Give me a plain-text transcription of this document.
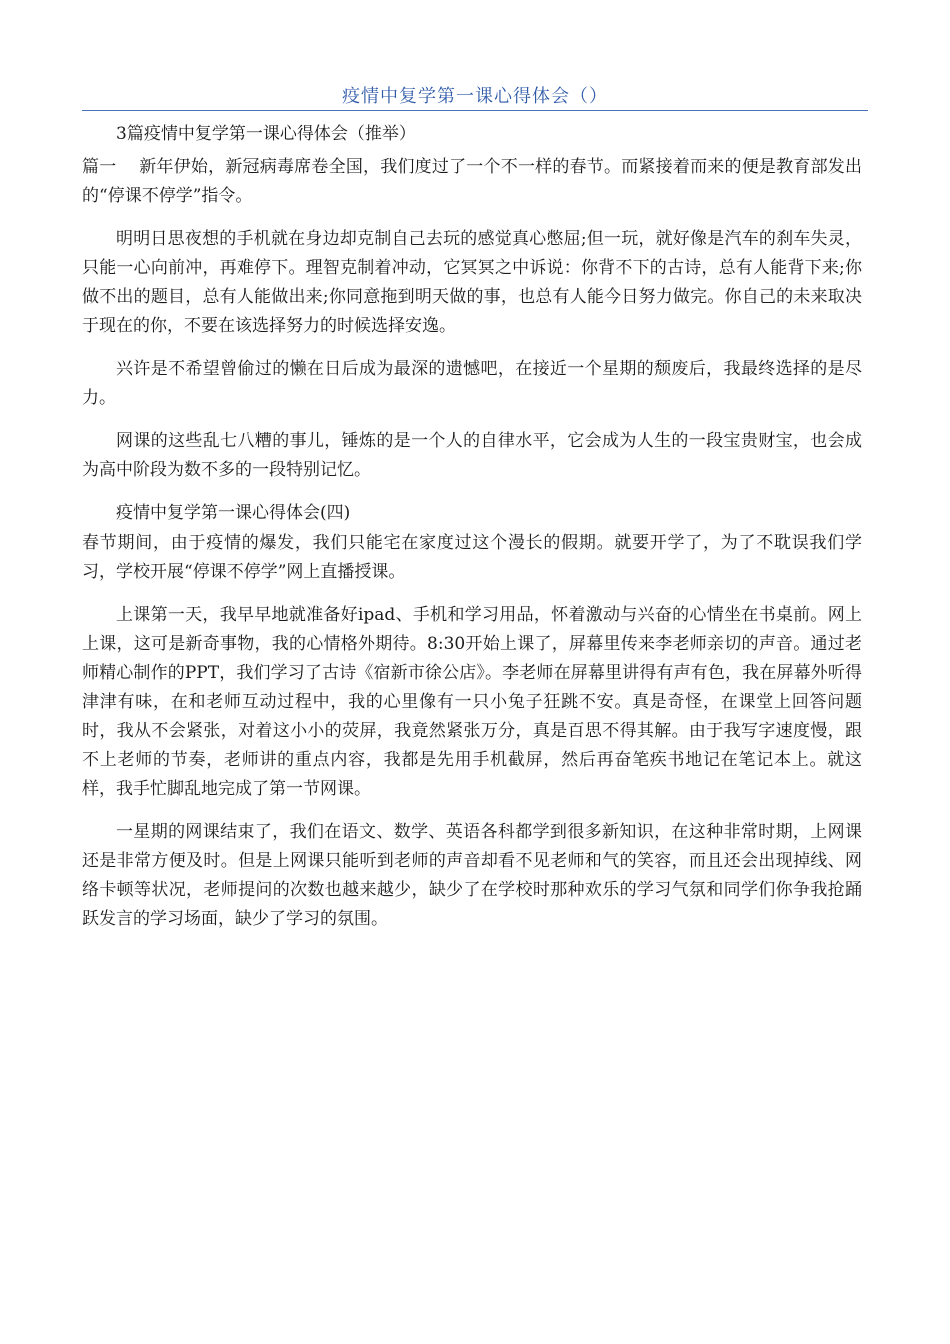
疫情中复学第一课心得体会（）

3篇疫情中复学第一课心得体会（推举）

篇一　 新年伊始，新冠病毒席卷全国，我们度过了一个不一样的春节。而紧接着而来的便是教育部发出的“停课不停学”指令。

明明日思夜想的手机就在身边却克制自己去玩的感觉真心憋屈;但一玩，就好像是汽车的刹车失灵，只能一心向前冲，再难停下。理智克制着冲动，它冥冥之中诉说：你背不下的古诗，总有人能背下来;你做不出的题目，总有人能做出来;你同意拖到明天做的事，也总有人能今日努力做完。你自己的未来取决于现在的你，不要在该选择努力的时候选择安逸。

兴许是不希望曾偷过的懒在日后成为最深的遗憾吧，在接近一个星期的颓废后，我最终选择的是尽力。

网课的这些乱七八糟的事儿，锤炼的是一个人的自律水平，它会成为人生的一段宝贵财宝，也会成为高中阶段为数不多的一段特别记忆。

疫情中复学第一课心得体会(四)

春节期间，由于疫情的爆发，我们只能宅在家度过这个漫长的假期。就要开学了，为了不耽误我们学习，学校开展“停课不停学”网上直播授课。

上课第一天，我早早地就准备好ipad、手机和学习用品，怀着激动与兴奋的心情坐在书桌前。网上上课，这可是新奇事物，我的心情格外期待。8:30开始上课了，屏幕里传来李老师亲切的声音。通过老师精心制作的PPT，我们学习了古诗《宿新市徐公店》。李老师在屏幕里讲得有声有色，我在屏幕外听得津津有味，在和老师互动过程中，我的心里像有一只小兔子狂跳不安。真是奇怪，在课堂上回答问题时，我从不会紧张，对着这小小的荧屏，我竟然紧张万分，真是百思不得其解。由于我写字速度慢，跟不上老师的节奏，老师讲的重点内容，我都是先用手机截屏，然后再奋笔疾书地记在笔记本上。就这样，我手忙脚乱地完成了第一节网课。

一星期的网课结束了，我们在语文、数学、英语各科都学到很多新知识，在这种非常时期，上网课还是非常方便及时。但是上网课只能听到老师的声音却看不见老师和气的笑容，而且还会出现掉线、网络卡顿等状况，老师提问的次数也越来越少，缺少了在学校时那种欢乐的学习气氛和同学们你争我抢踊跃发言的学习场面，缺少了学习的氛围。
